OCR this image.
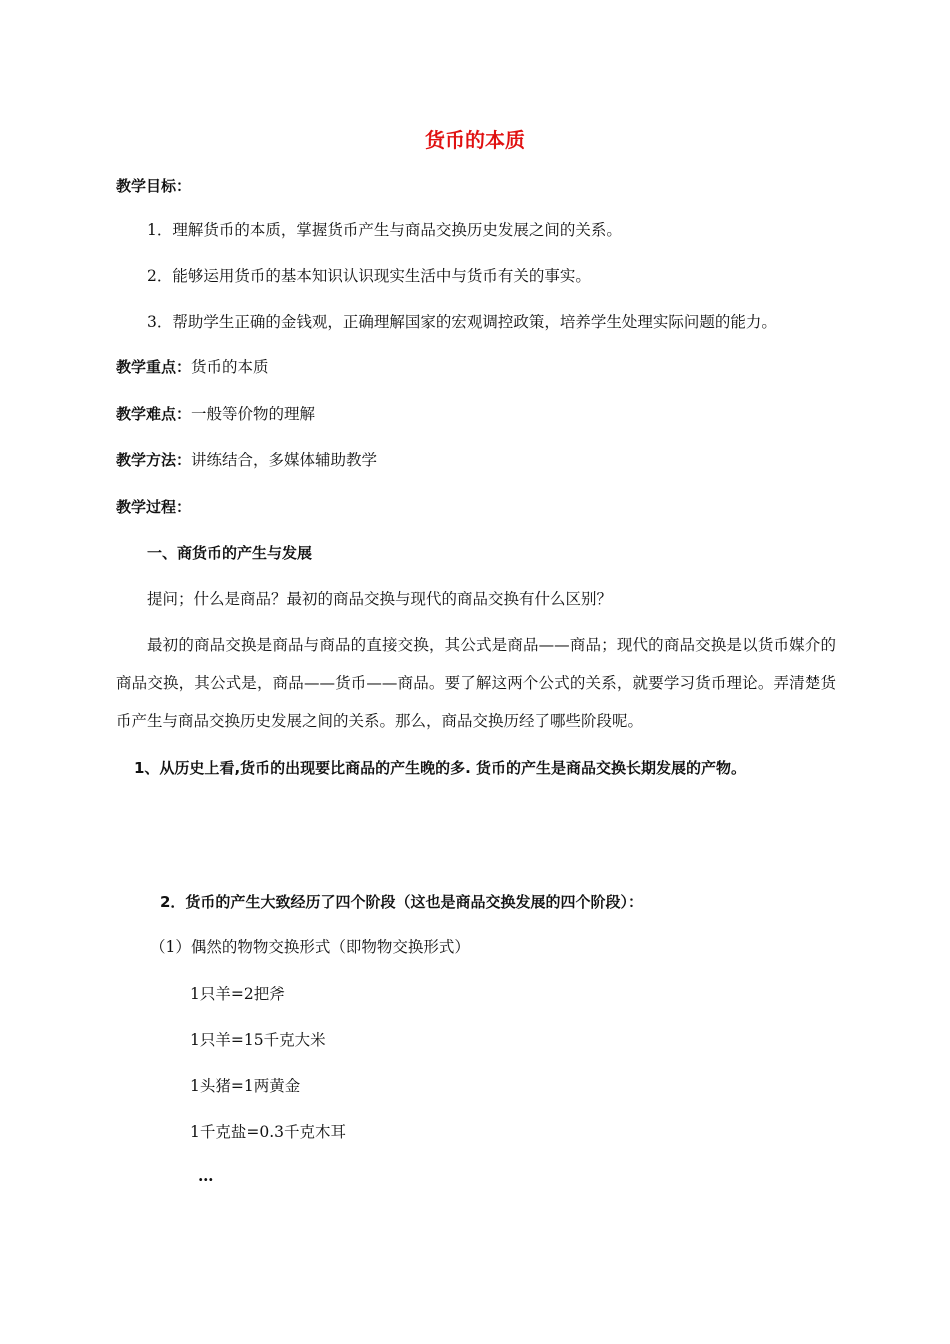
货币的本质
教学目标：
1．理解货币的本质，掌握货币产生与商品交换历史发展之间的关系。
2．能够运用货币的基本知识认识现实生活中与货币有关的事实。
3．帮助学生正确的金钱观，正确理解国家的宏观调控政策，培养学生处理实际问题的能力。
教学重点：货币的本质
教学难点：一般等价物的理解
教学方法：讲练结合，多媒体辅助教学
教学过程：
一、商货币的产生与发展
提问；什么是商品？最初的商品交换与现代的商品交换有什么区别？
最初的商品交换是商品与商品的直接交换，其公式是商品——商品；现代的商品交换是以货币媒介的商品交换，其公式是，商品——货币——商品。要了解这两个公式的关系，就要学习货币理论。弄清楚货币产生与商品交换历史发展之间的关系。那么，商品交换历经了哪些阶段呢。
1、从历史上看,货币的出现要比商品的产生晚的多. 货币的产生是商品交换长期发展的产物。
2．货币的产生大致经历了四个阶段（这也是商品交换发展的四个阶段）：
（1）偶然的物物交换形式（即物物交换形式）
1只羊=2把斧
1只羊=15千克大米
1头猪=1两黄金
1千克盐=0.3千克木耳
…
